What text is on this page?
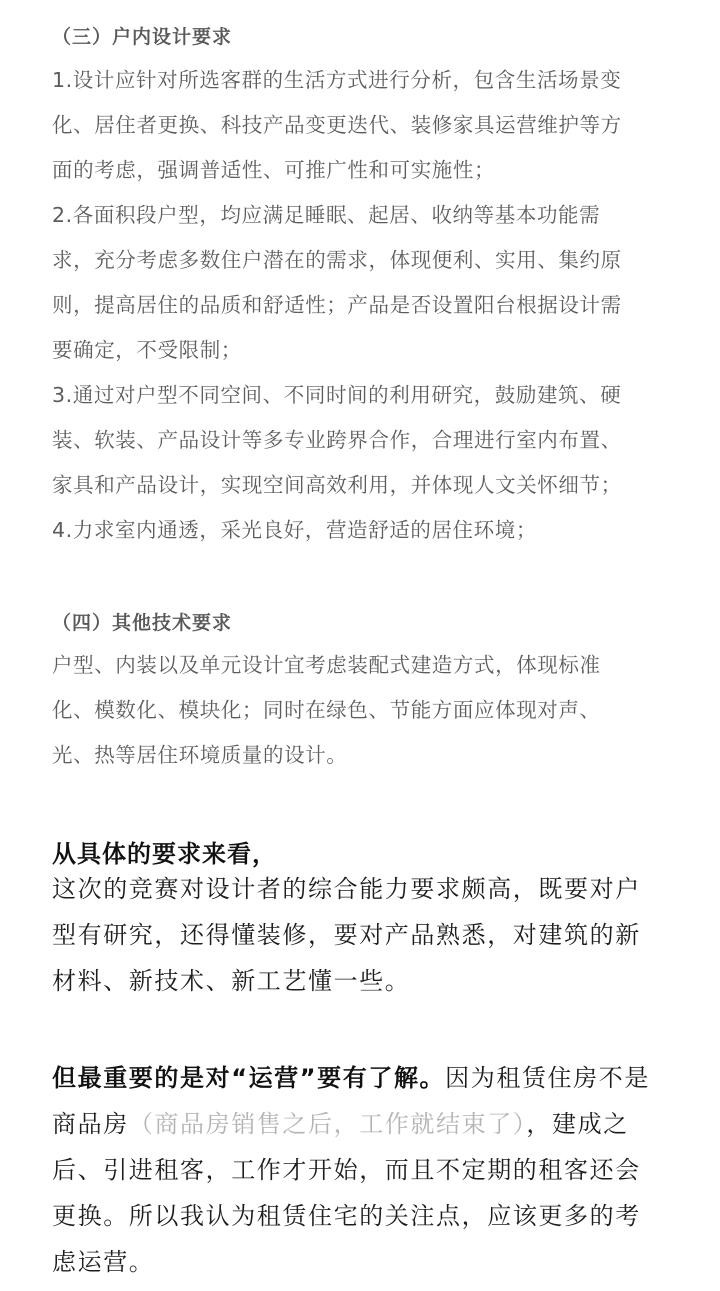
（三）户内设计要求

1.设计应针对所选客群的生活方式进行分析，包含生活场景变
化、居住者更换、科技产品变更迭代、装修家具运营维护等方
面的考虑，强调普适性、可推广性和可实施性；

2.各面积段户型，均应满足睡眠、起居、收纳等基本功能需
求，充分考虑多数住户潜在的需求，体现便利、实用、集约原
则，提高居住的品质和舒适性；产品是否设置阳台根据设计需
要确定，不受限制；

3.通过对户型不同空间、不同时间的利用研究，鼓励建筑、硬
装、软装、产品设计等多专业跨界合作，合理进行室内布置、
家具和产品设计，实现空间高效利用，并体现人文关怀细节；

4.力求室内通透，采光良好，营造舒适的居住环境；

（四）其他技术要求

户型、内装以及单元设计宜考虑装配式建造方式，体现标准
化、模数化、模块化；同时在绿色、节能方面应体现对声、
光、热等居住环境质量的设计。

从具体的要求来看，

这次的竞赛对设计者的综合能力要求颇高，既要对户
型有研究，还得懂装修，要对产品熟悉，对建筑的新
材料、新技术、新工艺懂一些。

但最重要的是对“运营”要有了解。因为租赁住房不是
商品房（商品房销售之后，工作就结束了），建成之
后、引进租客，工作才开始，而且不定期的租客还会
更换。所以我认为租赁住宅的关注点，应该更多的考
虑运营。
